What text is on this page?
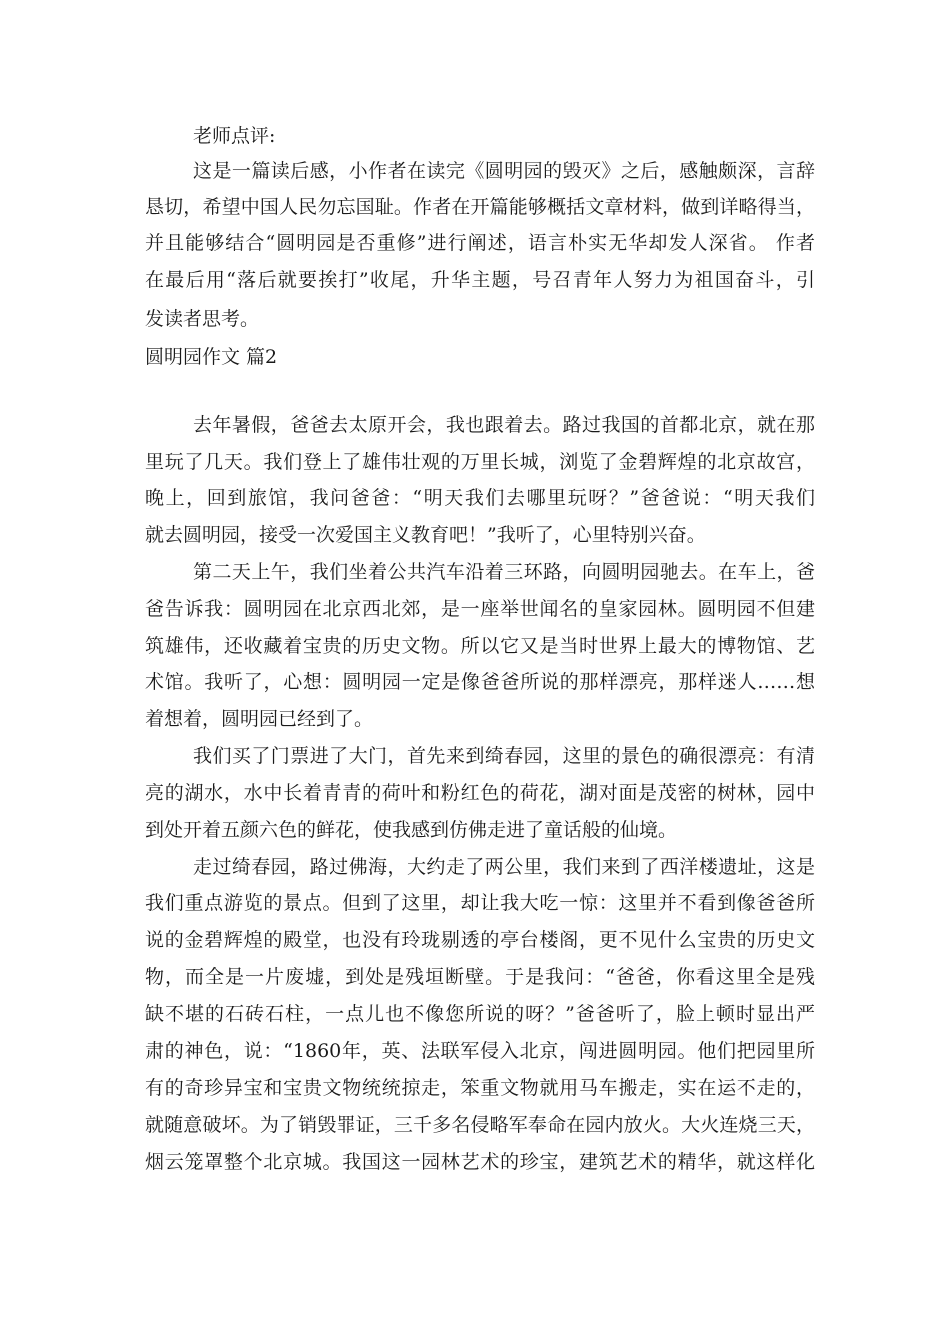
老师点评:
这是一篇读后感，小作者在读完《圆明园的毁灭》之后，感触颇深，言辞
恳切，希望中国人民勿忘国耻。作者在开篇能够概括文章材料，做到详略得当，
并且能够结合“圆明园是否重修”进行阐述，语言朴实无华却发人深省。 作者
在最后用“落后就要挨打”收尾，升华主题，号召青年人努力为祖国奋斗，引
发读者思考。
圆明园作文 篇2
去年暑假，爸爸去太原开会，我也跟着去。路过我国的首都北京，就在那
里玩了几天。我们登上了雄伟壮观的万里长城，浏览了金碧辉煌的北京故宫，
晚上，回到旅馆，我问爸爸：“明天我们去哪里玩呀？”爸爸说：“明天我们
就去圆明园，接受一次爱国主义教育吧！”我听了，心里特别兴奋。
第二天上午，我们坐着公共汽车沿着三环路，向圆明园驰去。在车上，爸
爸告诉我：圆明园在北京西北郊，是一座举世闻名的皇家园林。圆明园不但建
筑雄伟，还收藏着宝贵的历史文物。所以它又是当时世界上最大的博物馆、艺
术馆。我听了，心想：圆明园一定是像爸爸所说的那样漂亮，那样迷人……想
着想着，圆明园已经到了。
我们买了门票进了大门，首先来到绮春园，这里的景色的确很漂亮：有清
亮的湖水，水中长着青青的荷叶和粉红色的荷花，湖对面是茂密的树林，园中
到处开着五颜六色的鲜花，使我感到仿佛走进了童话般的仙境。
走过绮春园，路过佛海，大约走了两公里，我们来到了西洋楼遗址，这是
我们重点游览的景点。但到了这里，却让我大吃一惊：这里并不看到像爸爸所
说的金碧辉煌的殿堂，也没有玲珑剔透的亭台楼阁，更不见什么宝贵的历史文
物，而全是一片废墟，到处是残垣断壁。于是我问：“爸爸，你看这里全是残
缺不堪的石砖石柱，一点儿也不像您所说的呀？”爸爸听了，脸上顿时显出严
肃的神色，说：“1860年，英、法联军侵入北京，闯进圆明园。他们把园里所
有的奇珍异宝和宝贵文物统统掠走，笨重文物就用马车搬走，实在运不走的，
就随意破坏。为了销毁罪证，三千多名侵略军奉命在园内放火。大火连烧三天，
烟云笼罩整个北京城。我国这一园林艺术的珍宝，建筑艺术的精华，就这样化
